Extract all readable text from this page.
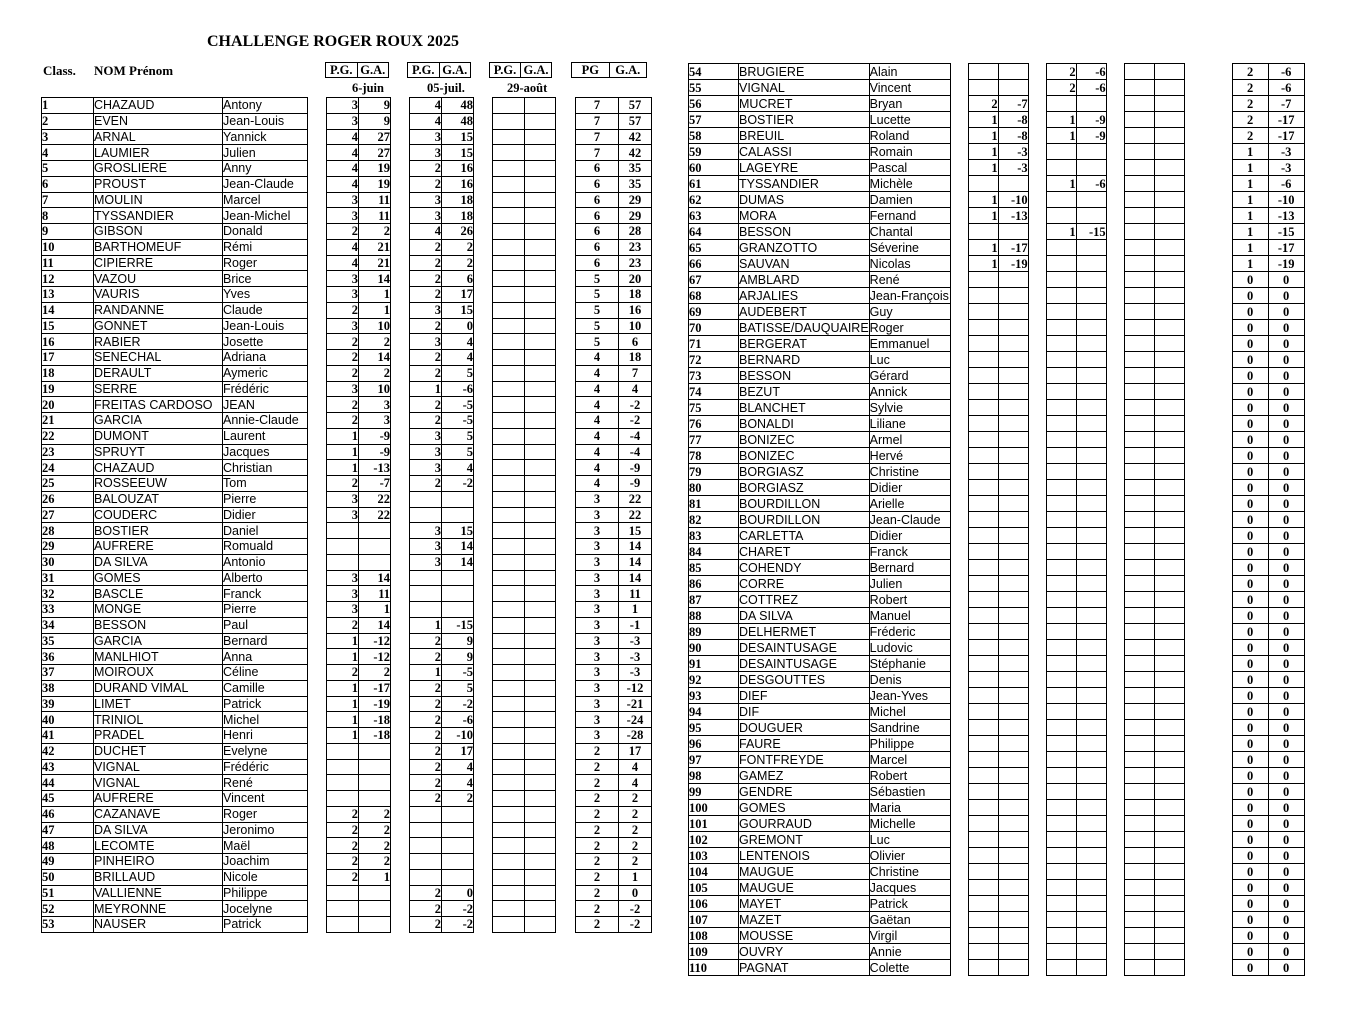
CHALLENGE ROGER ROUX 2025
Class. NOM Prénom	P.G. G.A.	P.G. G.A.	P.G. G.A.	PG	G.A.
6-juin	05-juil.	29-août
1	CHAZAUD	Antony		3	9		4	48					7	57
2	EVEN	Jean-Louis		3	9		4	48					7	57
3	ARNAL	Yannick		4	27		3	15					7	42
4	LAUMIER	Julien		4	27		3	15					7	42
5	GROSLIERE	Anny		4	19		2	16					6	35
6	PROUST	Jean-Claude		4	19		2	16					6	35
7	MOULIN	Marcel		3	11		3	18					6	29
8	TYSSANDIER	Jean-Michel		3	11		3	18					6	29
9	GIBSON	Donald		2	2		4	26					6	28
10	BARTHOMEUF	Rémi		4	21		2	2					6	23
11	CIPIERRE	Roger		4	21		2	2					6	23
12	VAZOU	Brice		3	14		2	6					5	20
13	VAURIS	Yves		3	1		2	17					5	18
14	RANDANNE	Claude		2	1		3	15					5	16
15	GONNET	Jean-Louis		3	10		2	0					5	10
16	RABIER	Josette		2	2		3	4					5	6
17	SENECHAL	Adriana		2	14		2	4					4	18
18	DERAULT	Aymeric		2	2		2	5					4	7
19	SERRE	Frédéric		3	10		1	-6					4	4
20	FREITAS CARDOSO	JEAN		2	3		2	-5					4	-2
21	GARCIA	Annie-Claude		2	3		2	-5					4	-2
22	DUMONT	Laurent		1	-9		3	5					4	-4
23	SPRUYT	Jacques		1	-9		3	5					4	-4
24	CHAZAUD	Christian		1	-13		3	4					4	-9
25	ROSSEEUW	Tom		2	-7		2	-2					4	-9
26	BALOUZAT	Pierre		3	22								3	22
27	COUDERC	Didier		3	22								3	22
28	BOSTIER	Daniel					3	15					3	15
29	AUFRERE	Romuald					3	14					3	14
30	DA SILVA	Antonio					3	14					3	14
31	GOMES	Alberto		3	14								3	14
32	BASCLE	Franck		3	11								3	11
33	MONGE	Pierre		3	1								3	1
34	BESSON	Paul		2	14		1	-15					3	-1
35	GARCIA	Bernard		1	-12		2	9					3	-3
36	MANLHIOT	Anna		1	-12		2	9					3	-3
37	MOIROUX	Céline		2	2		1	-5					3	-3
38	DURAND VIMAL	Camille		1	-17		2	5					3	-12
39	LIMET	Patrick		1	-19		2	-2					3	-21
40	TRINIOL	Michel		1	-18		2	-6					3	-24
41	PRADEL	Henri		1	-18		2	-10					3	-28
42	DUCHET	Evelyne					2	17					2	17
43	VIGNAL	Frédéric					2	4					2	4
44	VIGNAL	René					2	4					2	4
45	AUFRERE	Vincent					2	2					2	2
46	CAZANAVE	Roger		2	2								2	2
47	DA SILVA	Jeronimo		2	2								2	2
48	LECOMTE	Maël		2	2								2	2
49	PINHEIRO	Joachim		2	2								2	2
50	BRILLAUD	Nicole		2	1								2	1
51	VALLIENNE	Philippe					2	0					2	0
52	MEYRONNE	Jocelyne					2	-2					2	-2
53	NAUSER	Patrick					2	-2					2	-2
54	BRUGIERE	Alain					2	-6					2	-6
55	VIGNAL	Vincent					2	-6					2	-6
56	MUCRET	Bryan		2	-7								2	-7
57	BOSTIER	Lucette		1	-8		1	-9					2	-17
58	BREUIL	Roland		1	-8		1	-9					2	-17
59	CALASSI	Romain		1	-3								1	-3
60	LAGEYRE	Pascal		1	-3								1	-3
61	TYSSANDIER	Michèle					1	-6					1	-6
62	DUMAS	Damien		1	-10								1	-10
63	MORA	Fernand		1	-13								1	-13
64	BESSON	Chantal					1	-15					1	-15
65	GRANZOTTO	Séverine		1	-17								1	-17
66	SAUVAN	Nicolas		1	-19								1	-19
67	AMBLARD	René											0	0
68	ARJALIES	Jean-François											0	0
69	AUDEBERT	Guy											0	0
70	BATISSE/DAUQUAIRE	Roger											0	0
71	BERGERAT	Emmanuel											0	0
72	BERNARD	Luc											0	0
73	BESSON	Gérard											0	0
74	BEZUT	Annick											0	0
75	BLANCHET	Sylvie											0	0
76	BONALDI	Liliane											0	0
77	BONIZEC	Armel											0	0
78	BONIZEC	Hervé											0	0
79	BORGIASZ	Christine											0	0
80	BORGIASZ	Didier											0	0
81	BOURDILLON	Arielle											0	0
82	BOURDILLON	Jean-Claude											0	0
83	CARLETTA	Didier											0	0
84	CHARET	Franck											0	0
85	COHENDY	Bernard											0	0
86	CORRE	Julien											0	0
87	COTTREZ	Robert											0	0
88	DA SILVA	Manuel											0	0
89	DELHERMET	Fréderic											0	0
90	DESAINTUSAGE	Ludovic											0	0
91	DESAINTUSAGE	Stéphanie											0	0
92	DESGOUTTES	Denis											0	0
93	DIEF	Jean-Yves											0	0
94	DIF	Michel											0	0
95	DOUGUER	Sandrine											0	0
96	FAURE	Philippe											0	0
97	FONTFREYDE	Marcel											0	0
98	GAMEZ	Robert											0	0
99	GENDRE	Sébastien											0	0
100	GOMES	Maria											0	0
101	GOURRAUD	Michelle											0	0
102	GREMONT	Luc											0	0
103	LENTENOIS	Olivier											0	0
104	MAUGUE	Christine											0	0
105	MAUGUE	Jacques											0	0
106	MAYET	Patrick											0	0
107	MAZET	Gaëtan											0	0
108	MOUSSE	Virgil											0	0
109	OUVRY	Annie											0	0
110	PAGNAT	Colette											0	0
